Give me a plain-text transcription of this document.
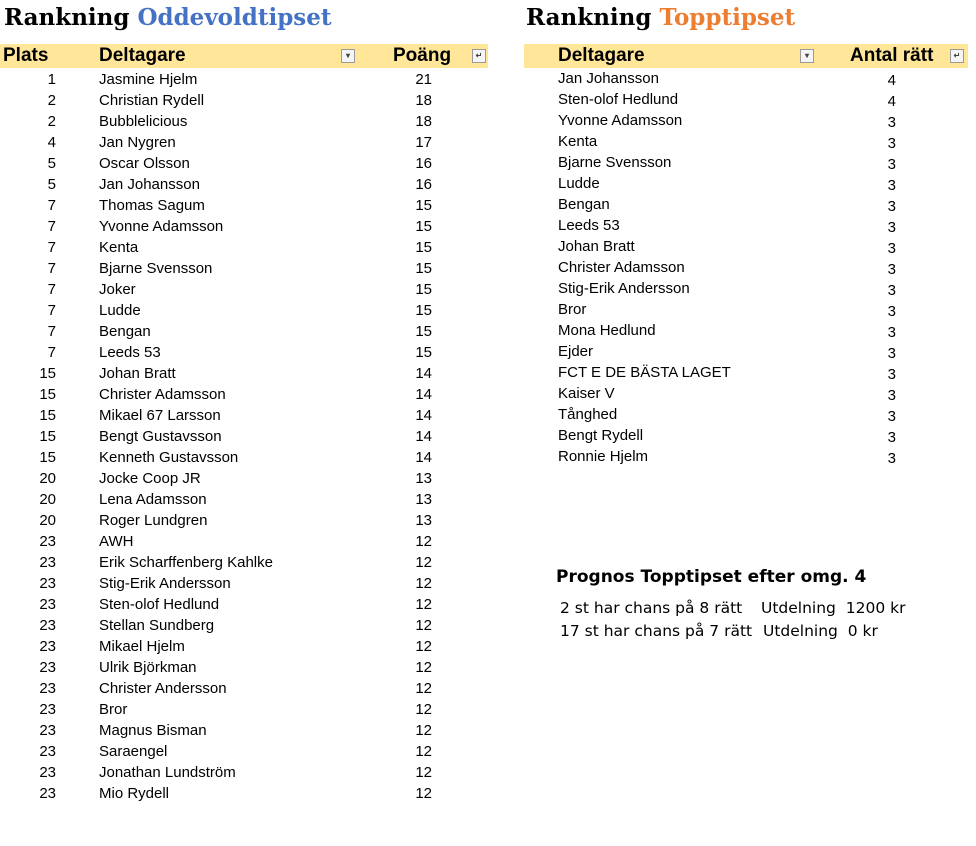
Rankning Oddevoldtipset	Rankning Topptipset
Plats	Deltagare	▾ Poäng	↵	Deltagare	▾ Antal rätt	↵
1	Jasmine Hjelm	21
2	Christian Rydell	18
2	Bubblelicious	18
4	Jan Nygren	17
5	Oscar Olsson	16
5	Jan Johansson	16
7	Thomas Sagum	15
7	Yvonne Adamsson	15
7	Kenta	15
7	Bjarne Svensson	15
7	Joker	15
7	Ludde	15
7	Bengan	15
7	Leeds 53	15
15	Johan Bratt	14
15	Christer Adamsson	14
15	Mikael 67 Larsson	14
15	Bengt Gustavsson	14
15	Kenneth Gustavsson	14
20	Jocke Coop JR	13
20	Lena Adamsson	13
20	Roger Lundgren	13
23	AWH	12
23	Erik Scharffenberg Kahlke	12
23	Stig-Erik Andersson	12
23	Sten-olof Hedlund	12
23	Stellan Sundberg	12
23	Mikael Hjelm	12
23	Ulrik Björkman	12
23	Christer Andersson	12
23	Bror	12
23	Magnus Bisman	12
23	Saraengel	12
23	Jonathan Lundström	12
23	Mio Rydell	12
Jan Johansson	4
Sten-olof Hedlund	4
Yvonne Adamsson	3
Kenta	3
Bjarne Svensson	3
Ludde	3
Bengan	3
Leeds 53	3
Johan Bratt	3
Christer Adamsson	3
Stig-Erik Andersson	3
Bror	3
Mona Hedlund	3
Ejder	3
FCT E DE BÄSTA LAGET	3
Kaiser V	3
Tånghed	3
Bengt Rydell	3
Ronnie Hjelm	3
Prognos Topptipset efter omg. 4
2 st har chans på 8 rätt Utdelning 1200 kr
17 st har chans på 7 rätt Utdelning 0 kr
